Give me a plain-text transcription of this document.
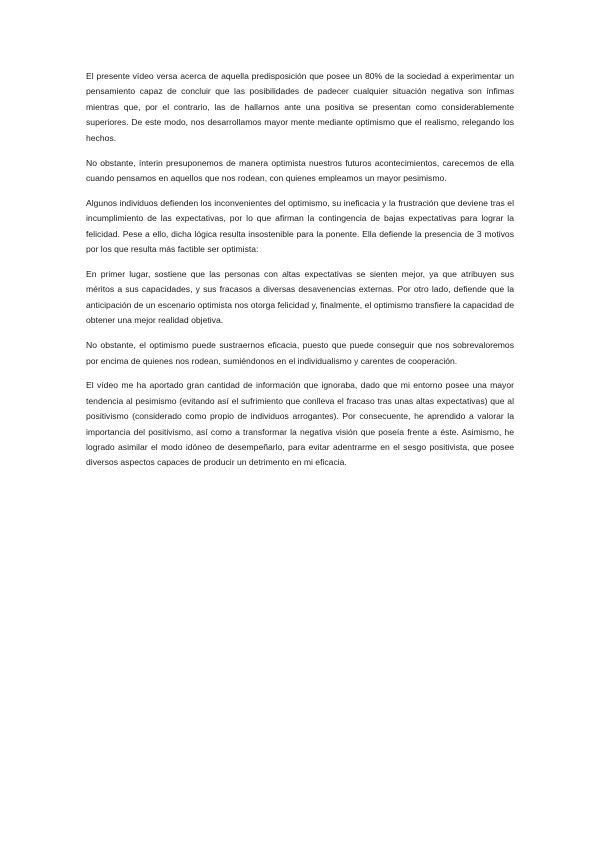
El presente vídeo versa acerca de aquella predisposición que posee un 80% de la sociedad a experimentar un pensamiento capaz de concluir que las posibilidades de padecer cualquier situación negativa son ínfimas mientras que, por el contrario, las de hallarnos ante una positiva se presentan como considerablemente superiores. De este modo, nos desarrollamos mayor mente mediante optimismo que el realismo, relegando los hechos.

No obstante, ínterin presuponemos de manera optimista nuestros futuros acontecimientos, carecemos de ella cuando pensamos en aquellos que nos rodean, con quienes empleamos un mayor pesimismo.

Algunos individuos defienden los inconvenientes del optimismo, su ineficacia y la frustración que deviene tras el incumplimiento de las expectativas, por lo que afirman la contingencia de bajas expectativas para lograr la felicidad. Pese a ello, dicha lógica resulta insostenible para la ponente. Ella defiende la presencia de 3 motivos por los que resulta más factible ser optimista:

En primer lugar, sostiene que las personas con altas expectativas se sienten mejor, ya que atribuyen sus méritos a sus capacidades, y sus fracasos a diversas desavenencias externas. Por otro lado, defiende que la anticipación de un escenario optimista nos otorga felicidad y, finalmente, el optimismo transfiere la capacidad de obtener una mejor realidad objetiva.

No obstante, el optimismo puede sustraernos eficacia, puesto que puede conseguir que nos sobrevaloremos por encima de quienes nos rodean, sumiéndonos en el individualismo y carentes de cooperación.

El vídeo me ha aportado gran cantidad de información que ignoraba, dado que mi entorno posee una mayor tendencia al pesimismo (evitando así el sufrimiento que conlleva el fracaso tras unas altas expectativas) que al positivismo (considerado como propio de individuos arrogantes). Por consecuente, he aprendido a valorar la importancia del positivismo, así como a transformar la negativa visión que poseía frente a éste. Asimismo, he logrado asimilar el modo idóneo de desempeñarlo, para evitar adentrarme en el sesgo positivista, que posee diversos aspectos capaces de producir un detrimento en mi eficacia.
